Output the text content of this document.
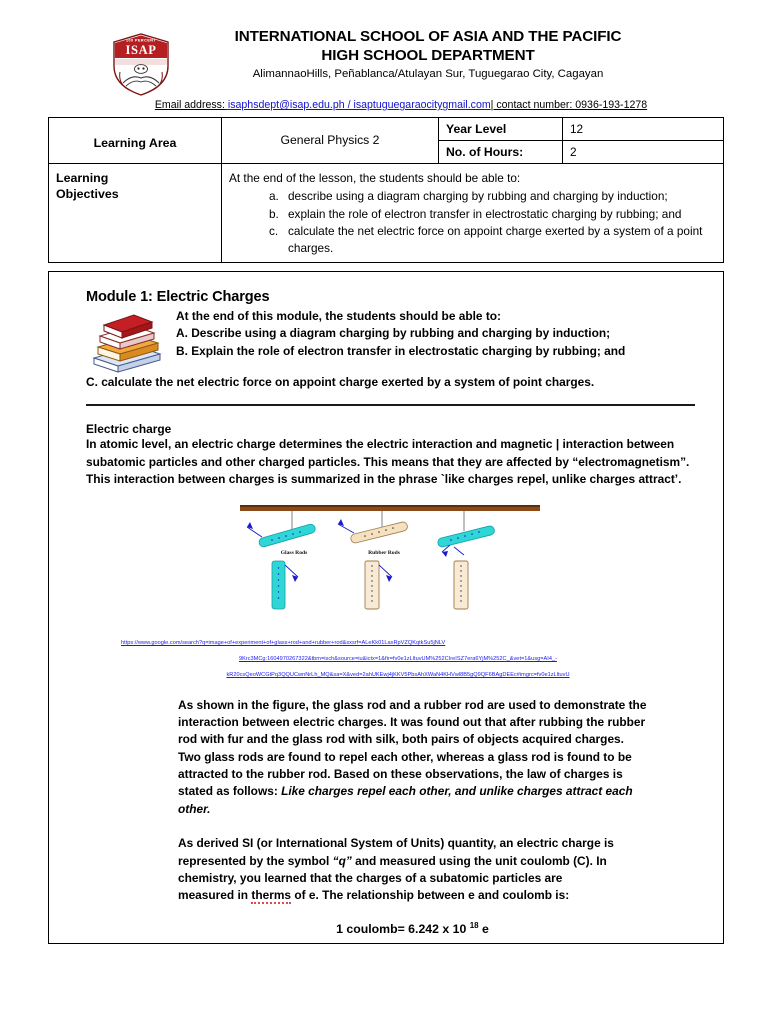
ISAP
100 PERCENT	INTERNATIONAL SCHOOL OF ASIA AND THE PACIFIC
HIGH SCHOOL DEPARTMENT
AlimannaoHills, Peñablanca/Atulayan Sur, Tuguegarao City, Cagayan
Email address: isaphsdept@isap.edu.ph / isaptuguegaraocitygmail.com| contact number: 0936-193-1278
Learning Area	General Physics 2	Year Level	12
		No. of Hours:	2

Learning
Objectives

At the end of the lesson, the students should be able to:
a. describe using a diagram charging by rubbing and charging by induction;
b. explain the role of electron transfer in electrostatic charging by rubbing; and
c. calculate the net electric force on appoint charge exerted by a system of a point charges.
Module 1: Electric Charges
At the end of this module, the students should be able to:
A. Describe using a diagram charging by rubbing and charging by induction;
B. Explain the role of electron transfer in electrostatic charging by rubbing; and
C. calculate the net electric force on appoint charge exerted by a system of point charges.
Electric charge
In atomic level, an electric charge determines the electric interaction and magnetic | interaction between subatomic particles and other charged particles. This means that they are affected by “electromagnetism”. This interaction between charges is summarized in the phrase `like charges repel, unlike charges attract’.
Glass Rods	Rubber Rods
https://www.google.com/search?q=image+of+experiment+of+glass+rod+and+rubber+rod&sxsrf=ALeKk01LaxRpVZQKqtkSu5jNLV
9Krc3MCg:1604970267322&tbm=isch&source=iu&ictx=1&fir=fv0e1zLltuvUM%252CIreISZ7era6YjM%252C_&vet=1&usg=AI4_-
kR20csQeoWCGtPq3QQUCwnNrLh_MQ&sa=X&ved=2ahUKEwj4jKKV5PbsAhXWaN4KHVwl8B5gQ9QF6BAgDEEc#imgrc=fv0e1zLltuvU
As shown in the figure, the glass rod and a rubber rod are used to demonstrate the interaction between electric charges. It was found out that after rubbing the rubber rod with fur and the glass rod with silk, both pairs of objects acquired charges. Two glass rods are found to repel each other, whereas a glass rod is found to be attracted to the rubber rod. Based on these observations, the law of charges is stated as follows: Like charges repel each other, and unlike charges attract each other.
As derived SI (or International System of Units) quantity, an electric charge is represented by the symbol “q” and measured using the unit coulomb (C). In chemistry, you learned that the charges of a subatomic particles are measured in therms of e. The relationship between e and coulomb is:
1 coulomb= 6.242 x 10 $^{18}$ e
